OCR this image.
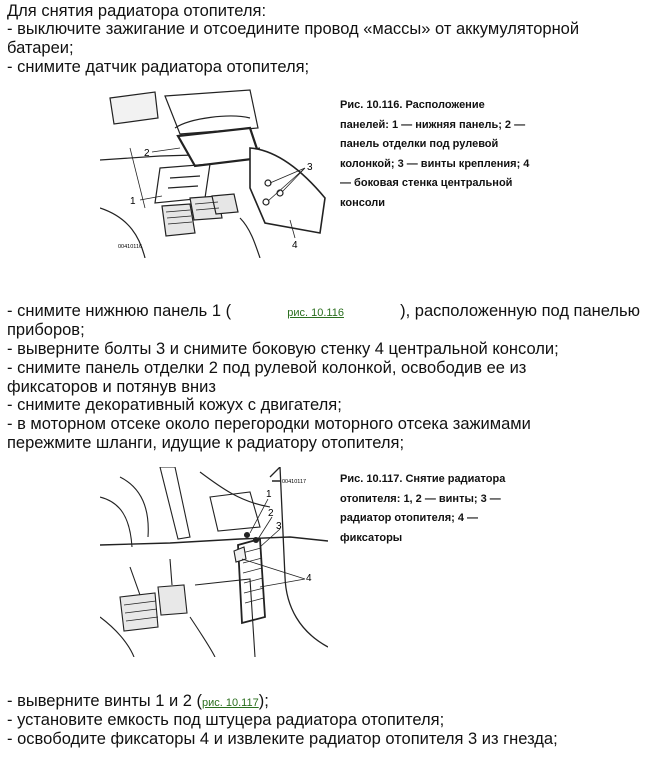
Для снятия радиатора отопителя:
- выключите зажигание и отсоедините провод «массы» от аккумуляторной
батареи;
- снимите датчик радиатора отопителя;
2
1
3
4
00410116
Рис. 10.116. Расположение
панелей: 1 — нижняя панель; 2 —
панель отделки под рулевой
колонкой; 3 — винты крепления; 4
— боковая стенка центральной
консоли
- снимите нижнюю панель 1 (	рис. 10.116	), расположенную под панелью
приборов;
- выверните болты 3 и снимите боковую стенку 4 центральной консоли;
- снимите панель отделки 2 под рулевой колонкой, освободив ее из
фиксаторов и потянув вниз
- снимите декоративный кожух с двигателя;
- в моторном отсеке около перегородки моторного отсека зажимами
пережмите шланги, идущие к радиатору отопителя;
1
2
3
4
00410117	Рис. 10.117. Снятие радиатора
отопителя: 1, 2 — винты; 3 —
радиатор отопителя; 4 —
фиксаторы
- выверните винты 1 и 2 (рис. 10.117);
- установите емкость под штуцера радиатора отопителя;
- освободите фиксаторы 4 и извлеките радиатор отопителя 3 из гнезда;
